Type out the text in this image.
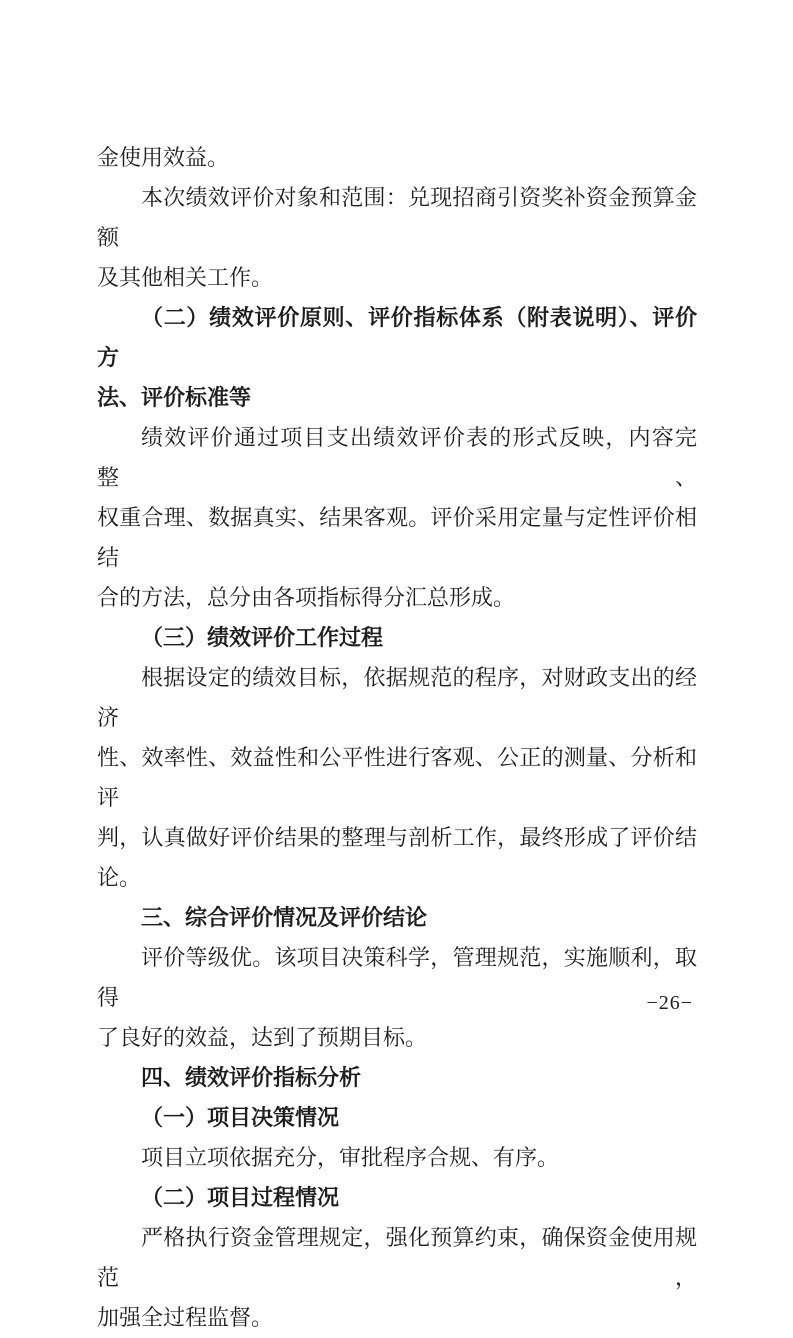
金使用效益。

本次绩效评价对象和范围：兑现招商引资奖补资金预算金额
及其他相关工作。

（二）绩效评价原则、评价指标体系（附表说明）、评价方
法、评价标准等

绩效评价通过项目支出绩效评价表的形式反映，内容完整、
权重合理、数据真实、结果客观。评价采用定量与定性评价相结
合的方法，总分由各项指标得分汇总形成。

（三）绩效评价工作过程

根据设定的绩效目标，依据规范的程序，对财政支出的经济
性、效率性、效益性和公平性进行客观、公正的测量、分析和评
判，认真做好评价结果的整理与剖析工作，最终形成了评价结论。

三、综合评价情况及评价结论

评价等级优。该项目决策科学，管理规范，实施顺利，取得
了良好的效益，达到了预期目标。

四、绩效评价指标分析

（一）项目决策情况

项目立项依据充分，审批程序合规、有序。

（二）项目过程情况

严格执行资金管理规定，强化预算约束，确保资金使用规范，
加强全过程监督。

−26−
